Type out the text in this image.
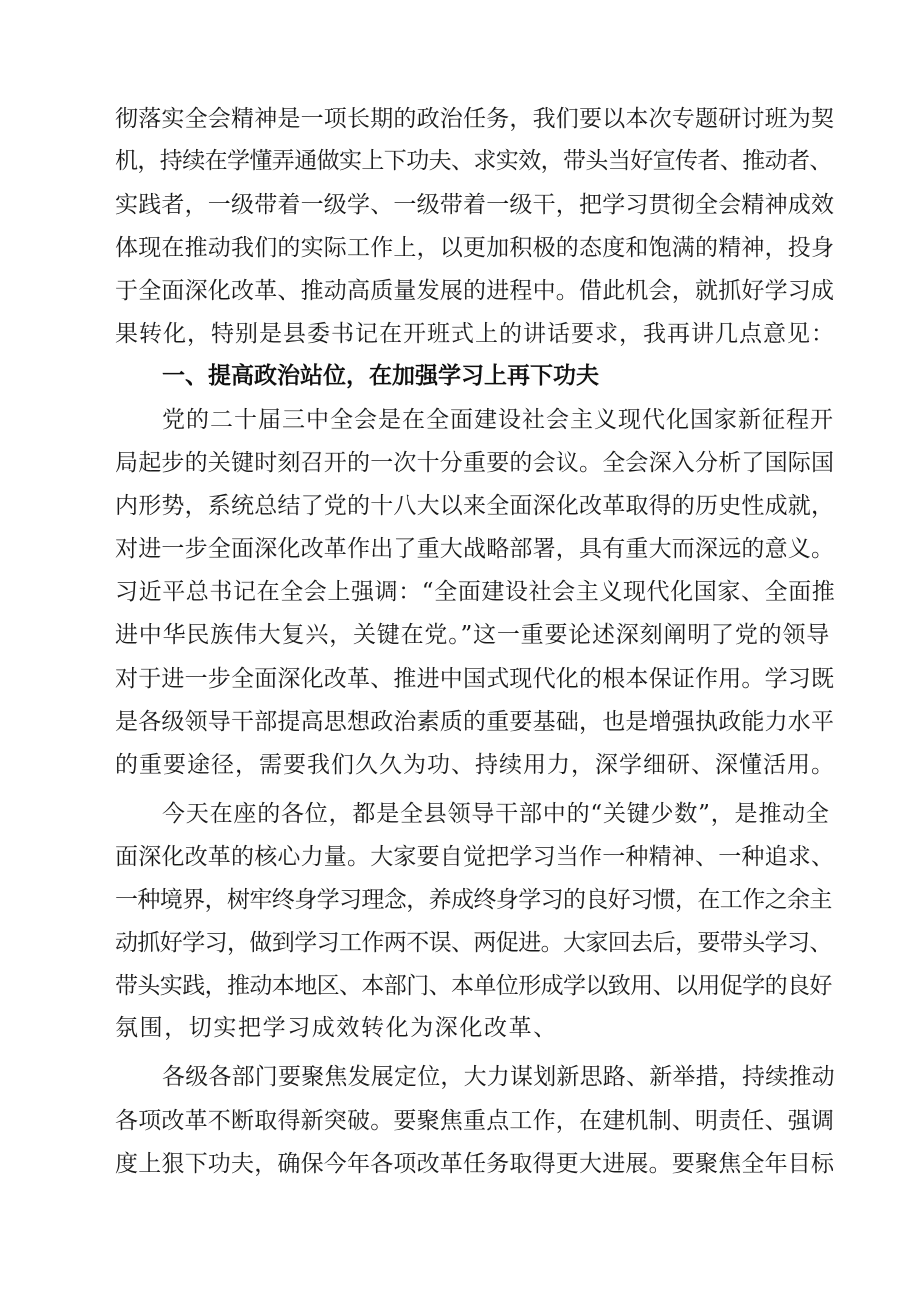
彻落实全会精神是一项长期的政治任务，我们要以本次专题研讨班为契
机，持续在学懂弄通做实上下功夫、求实效，带头当好宣传者、推动者、
实践者，一级带着一级学、一级带着一级干，把学习贯彻全会精神成效
体现在推动我们的实际工作上，以更加积极的态度和饱满的精神，投身
于全面深化改革、推动高质量发展的进程中。借此机会，就抓好学习成
果转化，特别是县委书记在开班式上的讲话要求，我再讲几点意见：
一、提高政治站位，在加强学习上再下功夫
党的二十届三中全会是在全面建设社会主义现代化国家新征程开
局起步的关键时刻召开的一次十分重要的会议。全会深入分析了国际国
内形势，系统总结了党的十八大以来全面深化改革取得的历史性成就，
对进一步全面深化改革作出了重大战略部署，具有重大而深远的意义。
习近平总书记在全会上强调：“全面建设社会主义现代化国家、全面推
进中华民族伟大复兴，关键在党。”这一重要论述深刻阐明了党的领导
对于进一步全面深化改革、推进中国式现代化的根本保证作用。学习既
是各级领导干部提高思想政治素质的重要基础，也是增强执政能力水平
的重要途径，需要我们久久为功、持续用力，深学细研、深懂活用。
今天在座的各位，都是全县领导干部中的“关键少数”，是推动全
面深化改革的核心力量。大家要自觉把学习当作一种精神、一种追求、
一种境界，树牢终身学习理念，养成终身学习的良好习惯，在工作之余主
动抓好学习，做到学习工作两不误、两促进。大家回去后，要带头学习、
带头实践，推动本地区、本部门、本单位形成学以致用、以用促学的良好
氛围，切实把学习成效转化为深化改革、
各级各部门要聚焦发展定位，大力谋划新思路、新举措，持续推动
各项改革不断取得新突破。要聚焦重点工作，在建机制、明责任、强调
度上狠下功夫，确保今年各项改革任务取得更大进展。要聚焦全年目标
